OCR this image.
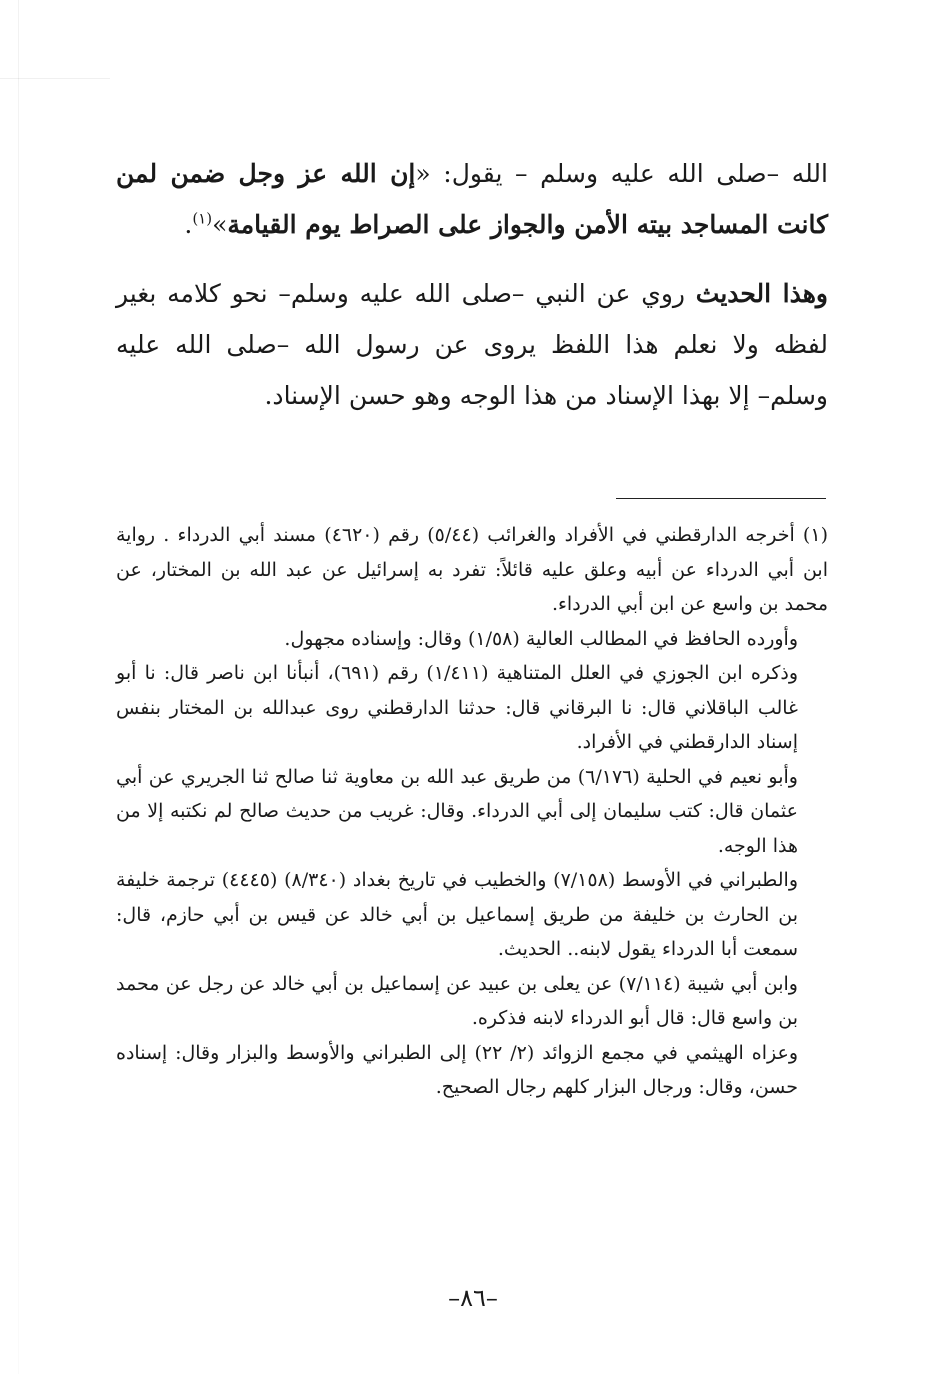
الله –صلى الله عليه وسلم – يقول: «إن الله عز وجل ضمن لمن كانت المساجد بيته الأمن والجواز على الصراط يوم القيامة»$^{(١)}$.

وهذا الحديث روي عن النبي –صلى الله عليه وسلم– نحو كلامه بغير لفظه ولا نعلم هذا اللفظ يروى عن رسول الله –صلى الله عليه وسلم– إلا بهذا الإسناد من هذا الوجه وهو حسن الإسناد.

(١) أخرجه الدارقطني في الأفراد والغرائب (٥/٤٤) رقم (٤٦٢٠) مسند أبي الدرداء . رواية ابن أبي الدرداء عن أبيه وعلق عليه قائلاً: تفرد به إسرائيل عن عبد الله بن المختار، عن محمد بن واسع عن ابن أبي الدرداء.

وأورده الحافظ في المطالب العالية (١/٥٨) وقال: وإسناده مجهول.

وذكره ابن الجوزي في العلل المتناهية (١/٤١١) رقم (٦٩١)، أنبأنا ابن ناصر قال: نا أبو غالب الباقلاني قال: نا البرقاني قال: حدثنا الدارقطني روى عبدالله بن المختار بنفس إسناد الدارقطني في الأفراد.

وأبو نعيم في الحلية (٦/١٧٦) من طريق عبد الله بن معاوية ثنا صالح ثنا الجريري عن أبي عثمان قال: كتب سليمان إلى أبي الدرداء. وقال: غريب من حديث صالح لم نكتبه إلا من هذا الوجه.

والطبراني في الأوسط (٧/١٥٨) والخطيب في تاريخ بغداد (٨/٣٤٠) (٤٤٤٥) ترجمة خليفة بن الحارث بن خليفة من طريق إسماعيل بن أبي خالد عن قيس بن أبي حازم، قال: سمعت أبا الدرداء يقول لابنه.. الحديث.

وابن أبي شيبة (٧/١١٤) عن يعلى بن عبيد عن إسماعيل بن أبي خالد عن رجل عن محمد بن واسع قال: قال أبو الدرداء لابنه فذكره.

وعزاه الهيثمي في مجمع الزوائد (٢/ ٢٢) إلى الطبراني والأوسط والبزار وقال: إسناده حسن، وقال: ورجال البزار كلهم رجال الصحيح.

–٨٦–
